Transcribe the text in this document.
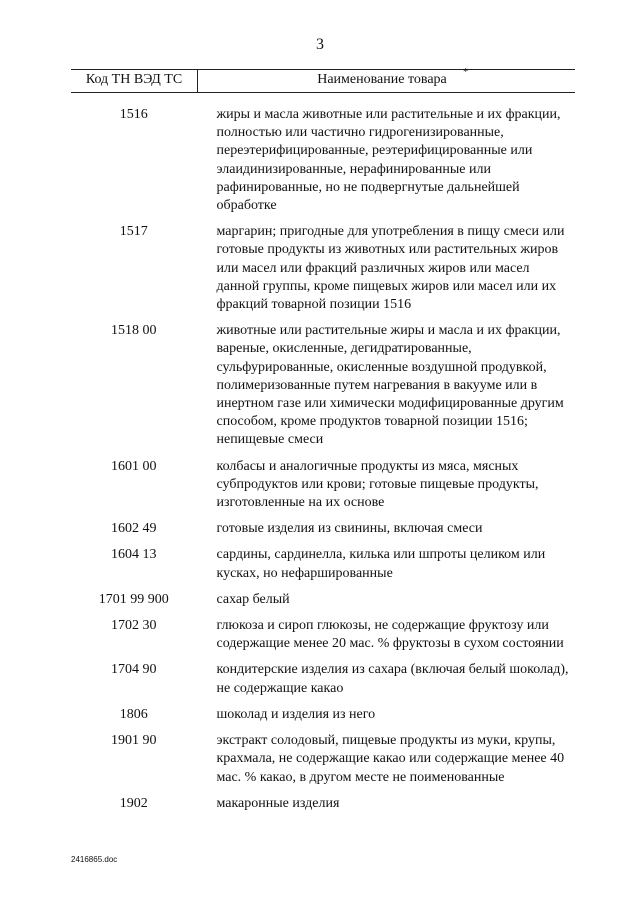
3
Код ТН ВЭД ТС	Наименование товара	*
1516	жиры и масла животные или растительные и их фракции, полностью или частично гидрогенизированные, переэтерифицированные, реэтерифицированные или элаидинизированные, нерафинированные или рафинированные, но не подвергнутые дальнейшей обработке
1517	маргарин; пригодные для употребления в пищу смеси или готовые продукты из животных или растительных жиров или масел или фракций различных жиров или масел данной группы, кроме пищевых жиров или масел или их фракций товарной позиции 1516
1518 00	животные или растительные жиры и масла и их фракции, вареные, окисленные, дегидратированные, сульфурированные, окисленные воздушной продувкой, полимеризованные путем нагревания в вакууме или в инертном газе или химически модифицированные другим способом, кроме продуктов товарной позиции 1516; непищевые смеси
1601 00	колбасы и аналогичные продукты из мяса, мясных субпродуктов или крови; готовые пищевые продукты, изготовленные на их основе
1602 49	готовые изделия из свинины, включая смеси
1604 13	сардины, сардинелла, килька или шпроты целиком или кусках, но нефаршированные
1701 99 900	сахар белый
1702 30	глюкоза и сироп глюкозы, не содержащие фруктозу или содержащие менее 20 мас. % фруктозы в сухом состоянии
1704 90	кондитерские изделия из сахара (включая белый шоколад), не содержащие какао
1806	шоколад и изделия из него
1901 90	экстракт солодовый, пищевые продукты из муки, крупы, крахмала, не содержащие какао или содержащие менее 40 мас. % какао, в другом месте не поименованные
1902	макаронные изделия
2416865.doc
